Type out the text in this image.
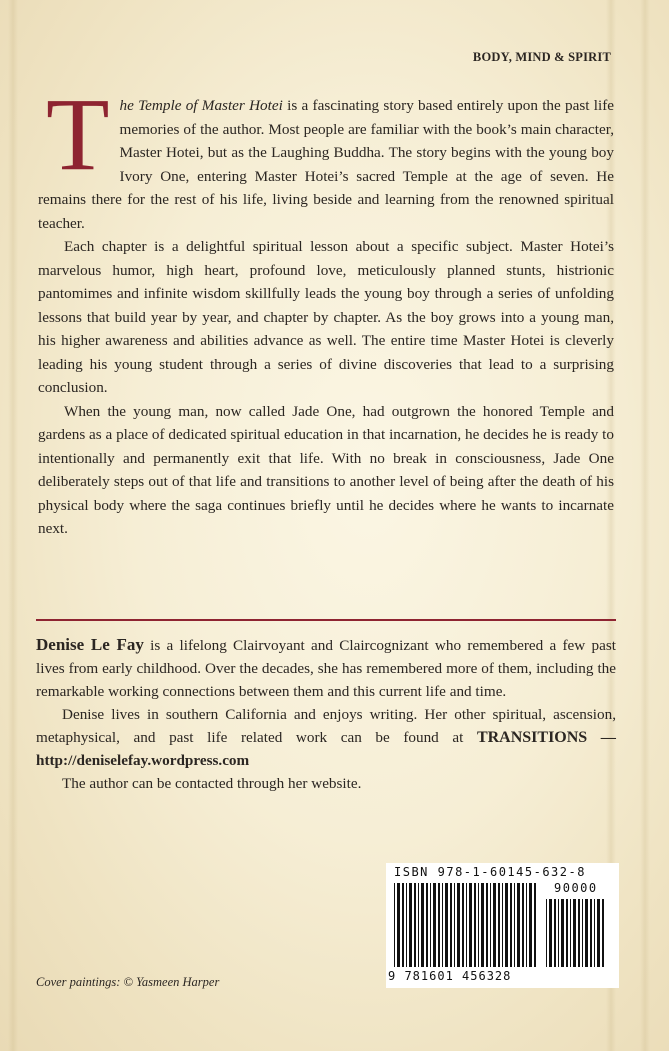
BODY, MIND & SPIRIT

The Temple of Master Hotei is a fascinating story based entirely upon the past life memories of the author. Most people are familiar with the book’s main character, Master Hotei, but as the Laughing Buddha. The story begins with the young boy Ivory One, entering Master Hotei’s sacred Temple at the age of seven. He remains there for the rest of his life, living beside and learning from the renowned spiritual teacher.

Each chapter is a delightful spiritual lesson about a specific subject. Master Hotei’s marvelous humor, high heart, profound love, meticulously planned stunts, histrionic pantomimes and infinite wisdom skillfully leads the young boy through a series of unfolding lessons that build year by year, and chapter by chapter. As the boy grows into a young man, his higher awareness and abilities advance as well. The entire time Master Hotei is cleverly leading his young student through a series of divine discoveries that lead to a surprising conclusion.

When the young man, now called Jade One, had outgrown the honored Temple and gardens as a place of dedicated spiritual education in that incarnation, he decides he is ready to intentionally and permanently exit that life. With no break in consciousness, Jade One deliberately steps out of that life and transitions to another level of being after the death of his physical body where the saga continues briefly until he decides where he wants to incarnate next.

Denise Le Fay is a lifelong Clairvoyant and Claircognizant who remembered a few past lives from early childhood. Over the decades, she has remembered more of them, including the remarkable working connections between them and this current life and time.

Denise lives in southern California and enjoys writing. Her other spiritual, ascension, metaphysical, and past life related work can be found at TRANSITIONS — http://deniselefay.wordpress.com

The author can be contacted through her website.

Cover paintings: © Yasmeen Harper
ISBN 978-1-60145-632-8
90000
9 781601 456328
